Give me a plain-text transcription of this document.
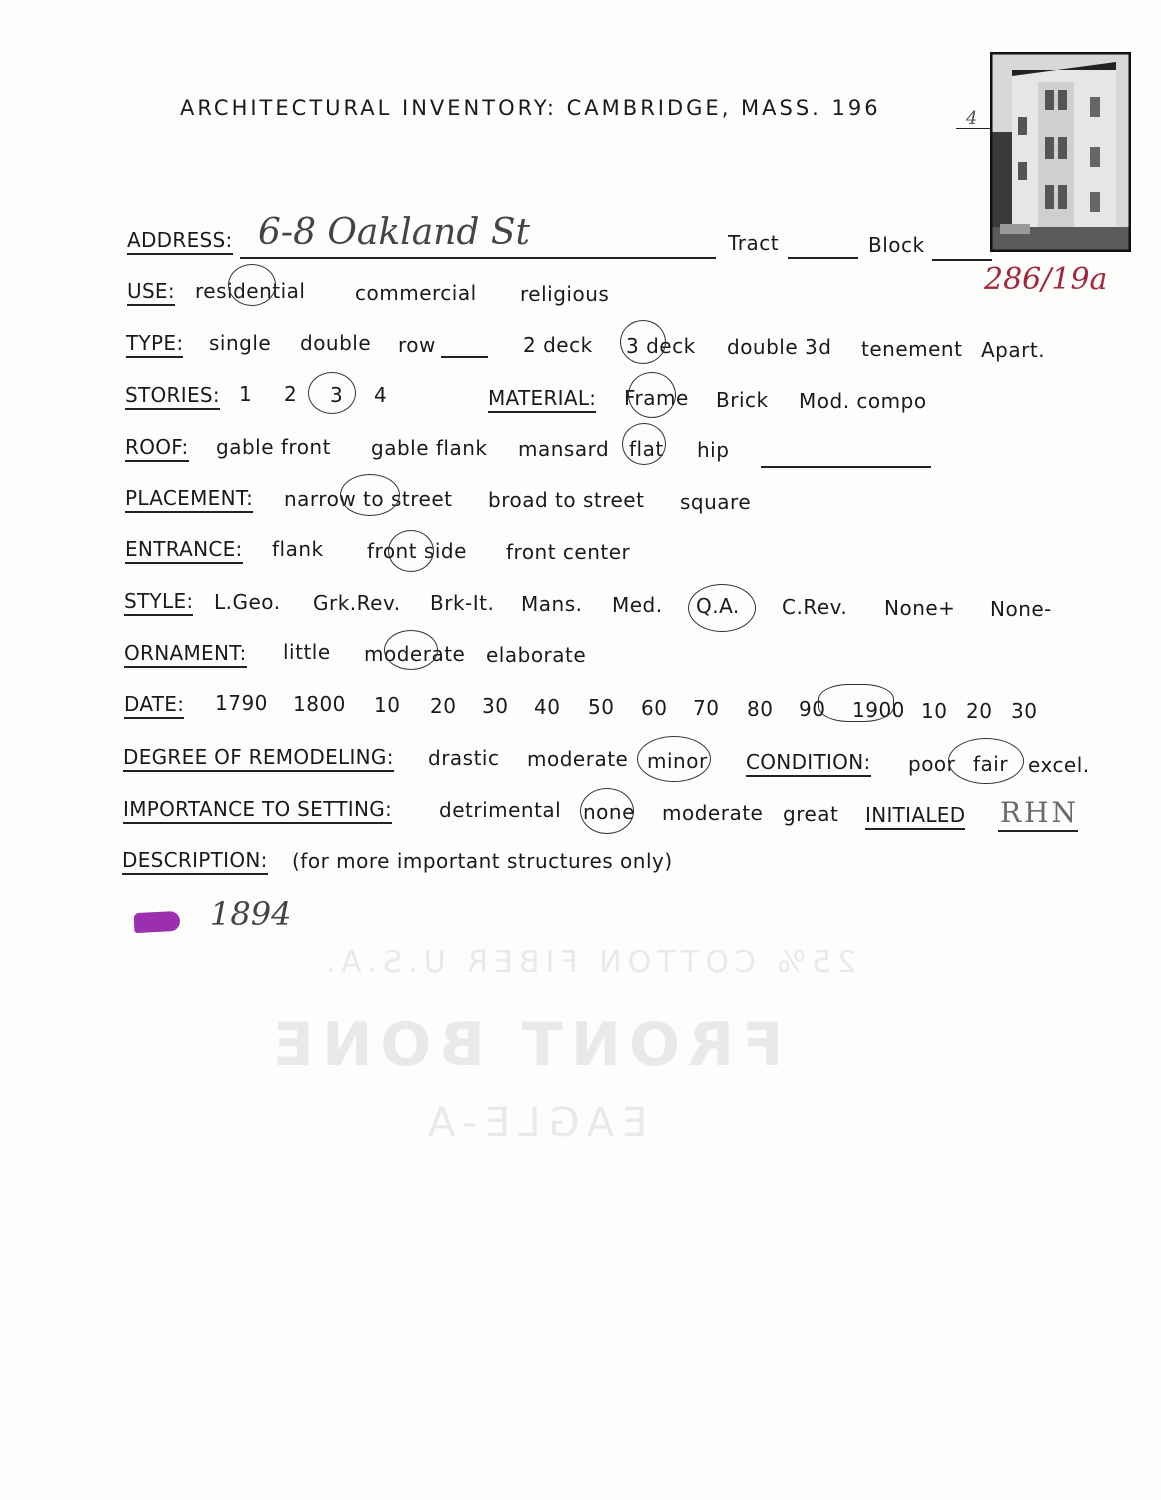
25% COTTON FIBER U.S.A.
FRONT BONE
EAGLE-A
ARCHITECTURAL INVENTORY: CAMBRIDGE, MASS. 196	4
ADDRESS: 6-8 Oakland St	Tract	Block
286/19a
USE: residential commercial religious
TYPE: single double row	2 deck 3 deck double 3d tenement Apart.
STORIES: 1 2 3 4	MATERIAL: Frame Brick Mod. compo
ROOF: gable front gable flank mansard flat hip
PLACEMENT: narrow to street broad to street square
ENTRANCE: flank front side front center
STYLE: L.Geo. Grk.Rev. Brk-It. Mans. Med. Q.A. C.Rev. None+ None-
ORNAMENT: little moderate elaborate
DATE: 1790 1800 10 20 30 40 50 60 70 80 90 1900 10 20 30
DEGREE OF REMODELING: drastic moderate minor CONDITION: poor fair excel.
IMPORTANCE TO SETTING: detrimental none moderate great INITIALED RHN
DESCRIPTION: (for more important structures only)
1894
